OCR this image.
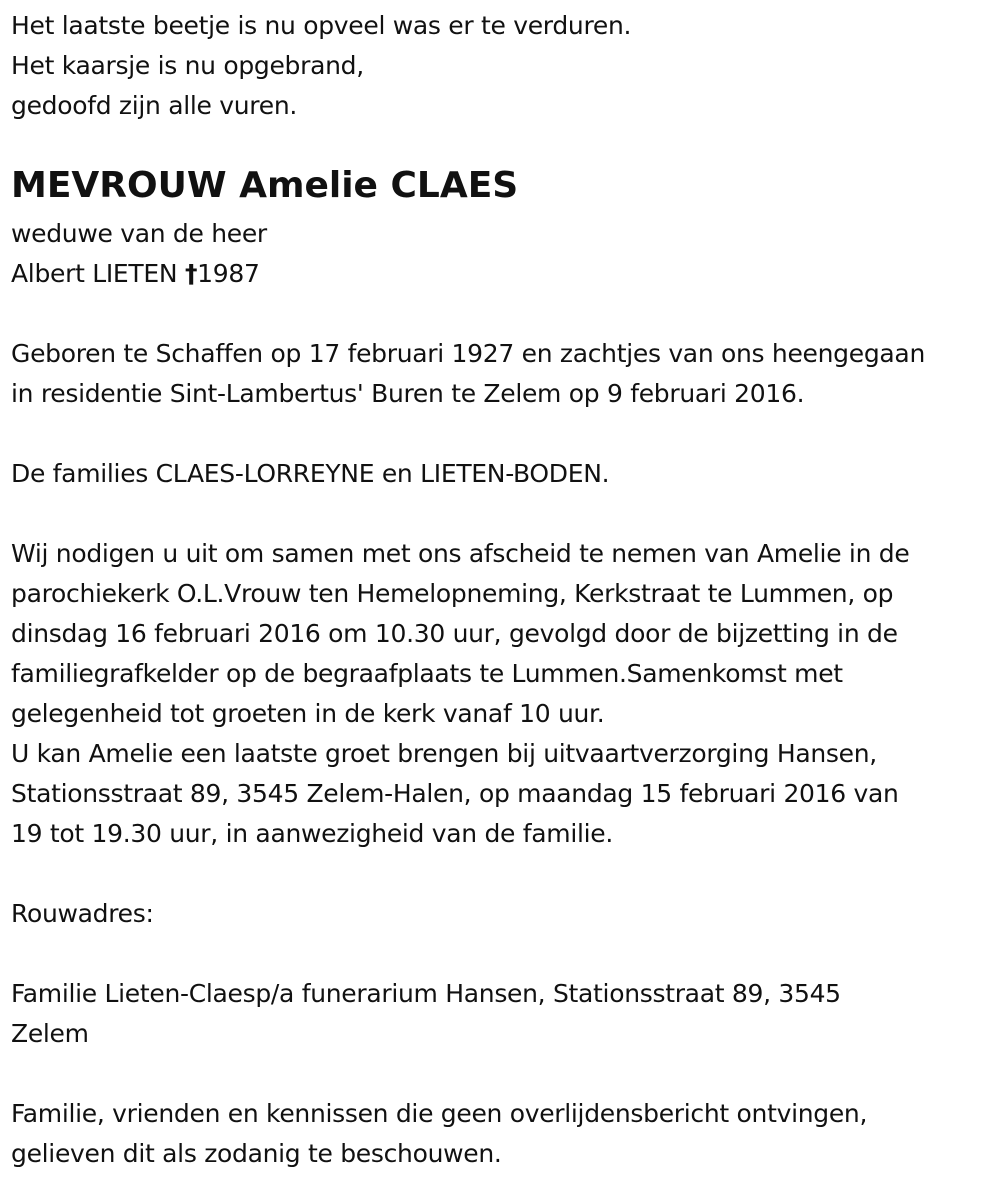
Het laatste beetje is nu opveel was er te verduren.
Het kaarsje is nu opgebrand,
gedoofd zijn alle vuren.
MEVROUW Amelie CLAES
weduwe van de heer
Albert LIETEN †1987
Geboren te Schaffen op 17 februari 1927 en zachtjes van ons heengegaan
in residentie Sint-Lambertus' Buren te Zelem op 9 februari 2016.
De families CLAES-LORREYNE en LIETEN-BODEN.
Wij nodigen u uit om samen met ons afscheid te nemen van Amelie in de
parochiekerk O.L.Vrouw ten Hemelopneming, Kerkstraat te Lummen, op
dinsdag 16 februari 2016 om 10.30 uur, gevolgd door de bijzetting in de
familiegrafkelder op de begraafplaats te Lummen.Samenkomst met
gelegenheid tot groeten in de kerk vanaf 10 uur.
U kan Amelie een laatste groet brengen bij uitvaartverzorging Hansen,
Stationsstraat 89, 3545 Zelem-Halen, op maandag 15 februari 2016 van
19 tot 19.30 uur, in aanwezigheid van de familie.
Rouwadres:
Familie Lieten-Claesp/a funerarium Hansen, Stationsstraat 89, 3545
Zelem
Familie, vrienden en kennissen die geen overlijdensbericht ontvingen,
gelieven dit als zodanig te beschouwen.
